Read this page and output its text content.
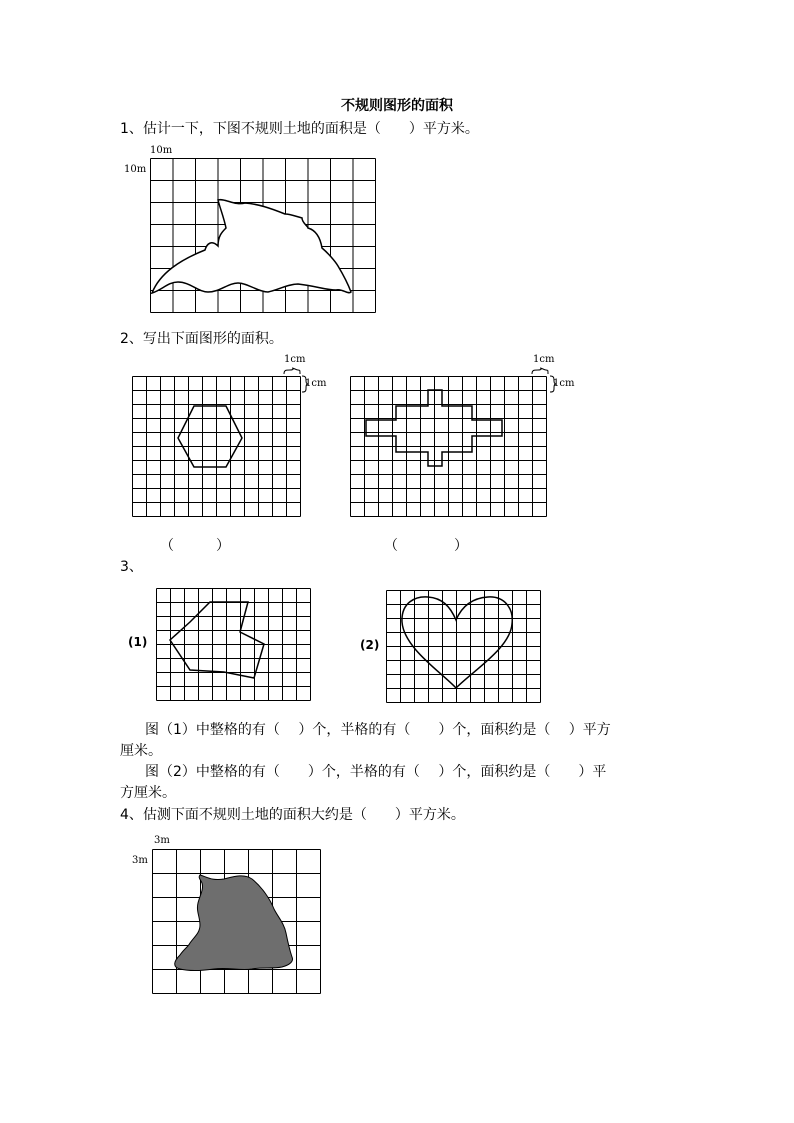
不规则图形的面积
1、估计一下，下图不规则土地的面积是（　　）平方米。
10m
10m
2、写出下面图形的面积。
1cm
1cm
1cm
1cm
（　　　）	（　　　　）
3、
(1)	(2)
图（1）中整格的有（　 ）个，半格的有（　　）个，面积约是（　 ）平方
厘米。
图（2）中整格的有（　　）个，半格的有（　 ）个，面积约是（　　）平
方厘米。
4、估测下面不规则土地的面积大约是（　　）平方米。
3m
3m
